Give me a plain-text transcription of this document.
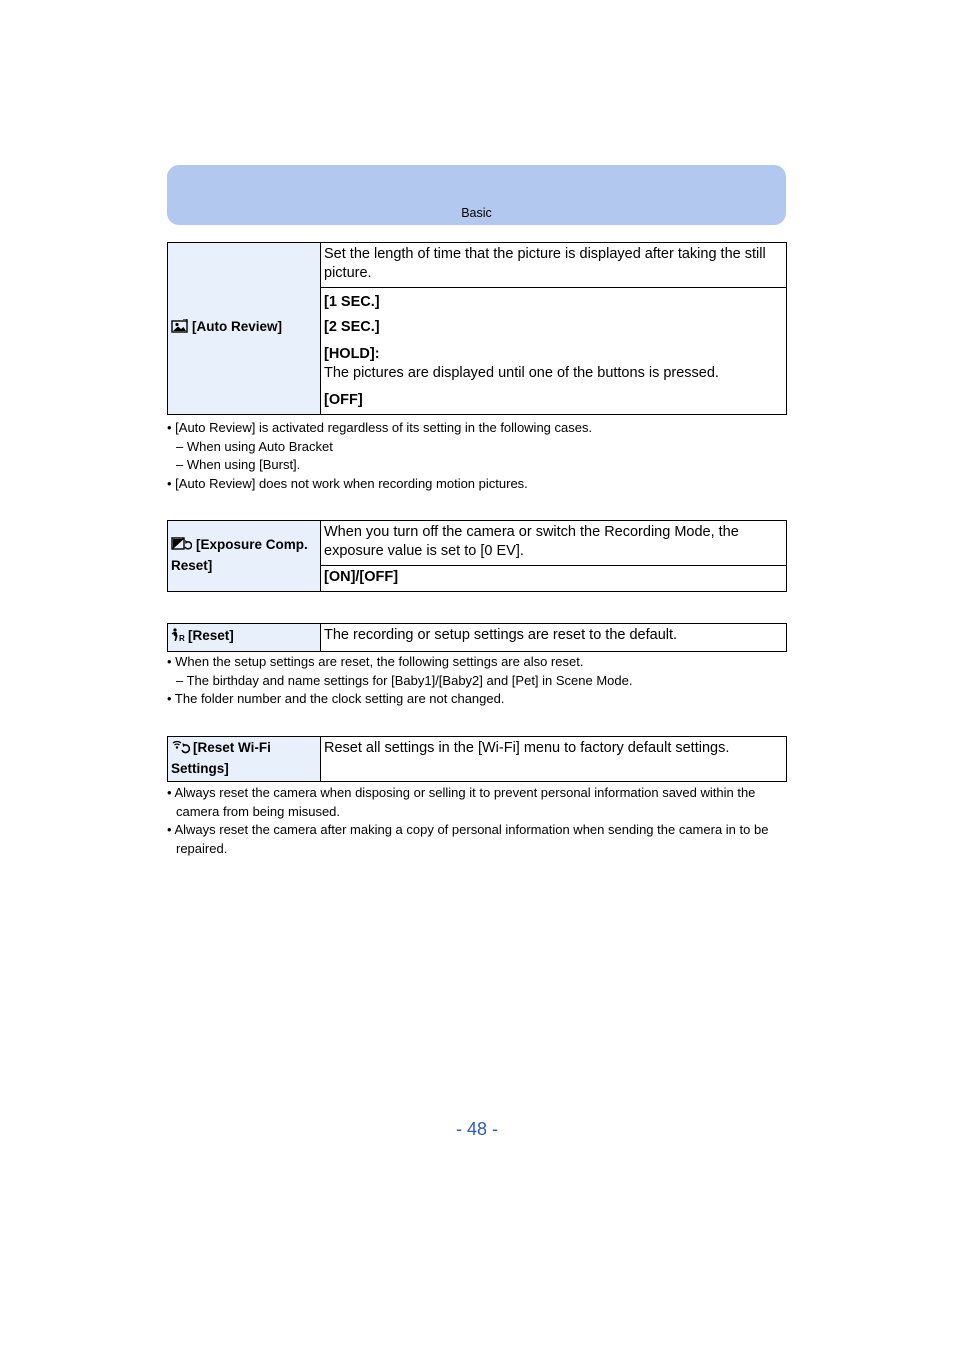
Basic
[Auto Review]	Set the length of time that the picture is displayed after taking the still picture.

[1 SEC.]
[2 SEC.]
[HOLD]:
The pictures are displayed until one of the buttons is pressed.
[OFF]
• [Auto Review] is activated regardless of its setting in the following cases.
– When using Auto Bracket
– When using [Burst].
• [Auto Review] does not work when recording motion pictures.
[Exposure Comp. Reset]	When you turn off the camera or switch the Recording Mode, the exposure value is set to [0 EV].
[ON]/[OFF]
R [Reset]	The recording or setup settings are reset to the default.
• When the setup settings are reset, the following settings are also reset.
– The birthday and name settings for [Baby1]/[Baby2] and [Pet] in Scene Mode.
• The folder number and the clock setting are not changed.
[Reset Wi-Fi Settings]	Reset all settings in the [Wi-Fi] menu to factory default settings.
• Always reset the camera when disposing or selling it to prevent personal information saved within the camera from being misused.
• Always reset the camera after making a copy of personal information when sending the camera in to be repaired.
- 48 -
